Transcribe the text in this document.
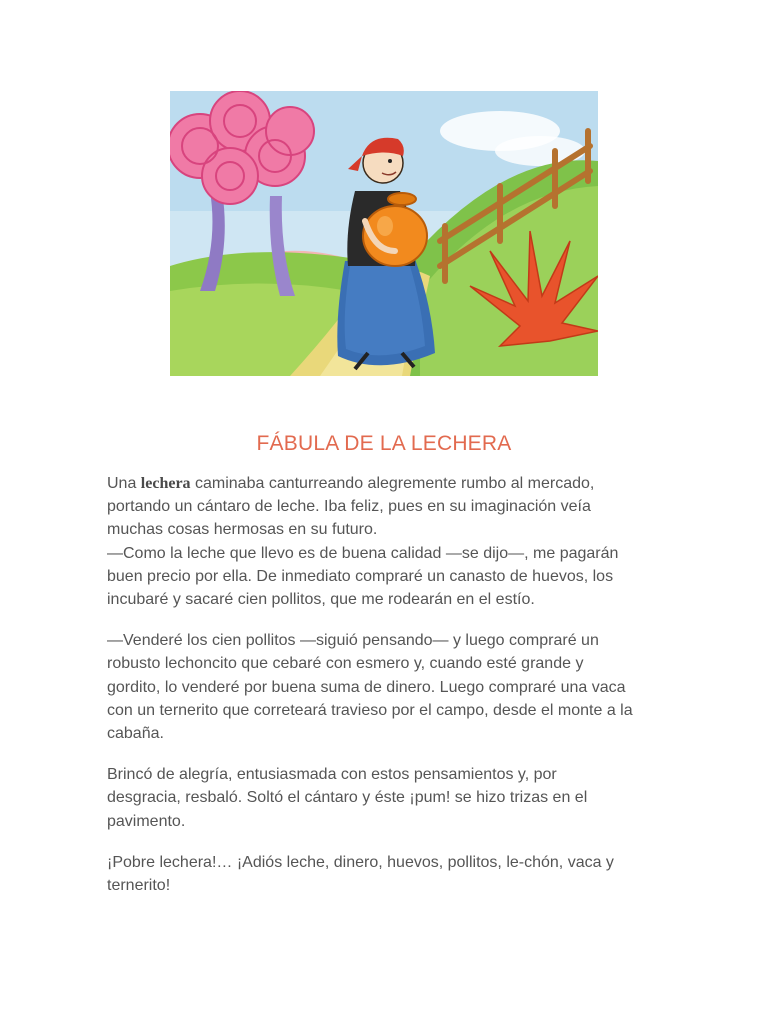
FÁBULA DE LA LECHERA

Una lechera caminaba canturreando alegremente rumbo al mercado,
portando un cántaro de leche. Iba feliz, pues en su imaginación veía
muchas cosas hermosas en su futuro.
—Como la leche que llevo es de buena calidad —se dijo—, me pagarán
buen precio por ella. De inmediato compraré un canasto de huevos, los
incubaré y sacaré cien pollitos, que me rodearán en el estío.

—Venderé los cien pollitos —siguió pensando— y luego compraré un
robusto lechoncito que cebaré con esmero y, cuando esté grande y
gordito, lo venderé por buena suma de dinero. Luego compraré una vaca
con un ternerito que correteará travieso por el campo, desde el monte a la
cabaña.

Brincó de alegría, entusiasmada con estos pensamientos y, por
desgracia, resbaló. Soltó el cántaro y éste ¡pum! se hizo trizas en el
pavimento.

¡Pobre lechera!… ¡Adiós leche, dinero, huevos, pollitos, le-chón, vaca y
ternerito!
